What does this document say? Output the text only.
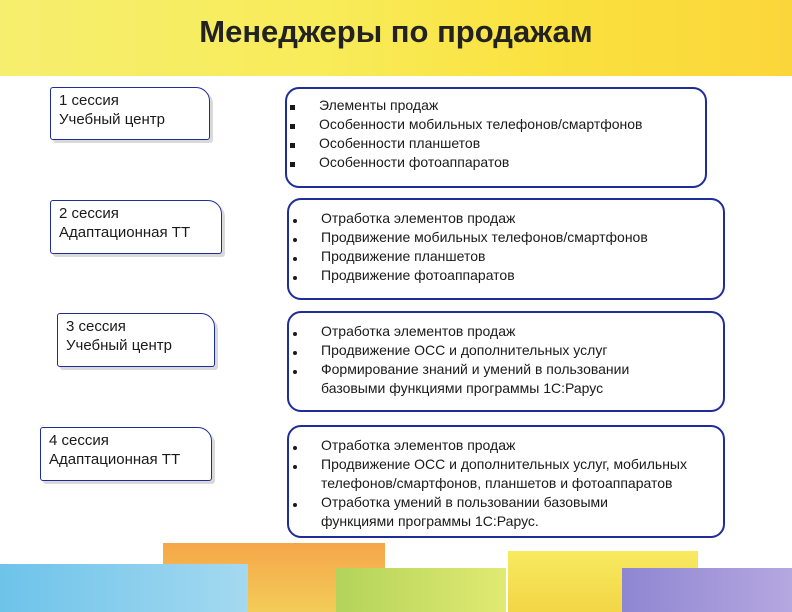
Менеджеры по продажам
1 сессия
Учебный центр
Элементы продаж
Особенности мобильных телефонов/смартфонов
Особенности планшетов
Особенности фотоаппаратов
2 сессия
Адаптационная ТТ
Отработка элементов продаж
Продвижение мобильных телефонов/смартфонов
Продвижение планшетов
Продвижение фотоаппаратов
3 сессия
Учебный центр
Отработка элементов продаж
Продвижение ОСС и дополнительных услуг
Формирование знаний и умений в пользовании базовыми функциями программы 1С:Рарус
4 сессия
Адаптационная ТТ
Отработка элементов продаж
Продвижение ОСС и дополнительных услуг, мобильных телефонов/смартфонов, планшетов и фотоаппаратов
Отработка умений в пользовании базовыми функциями программы 1С:Рарус.
